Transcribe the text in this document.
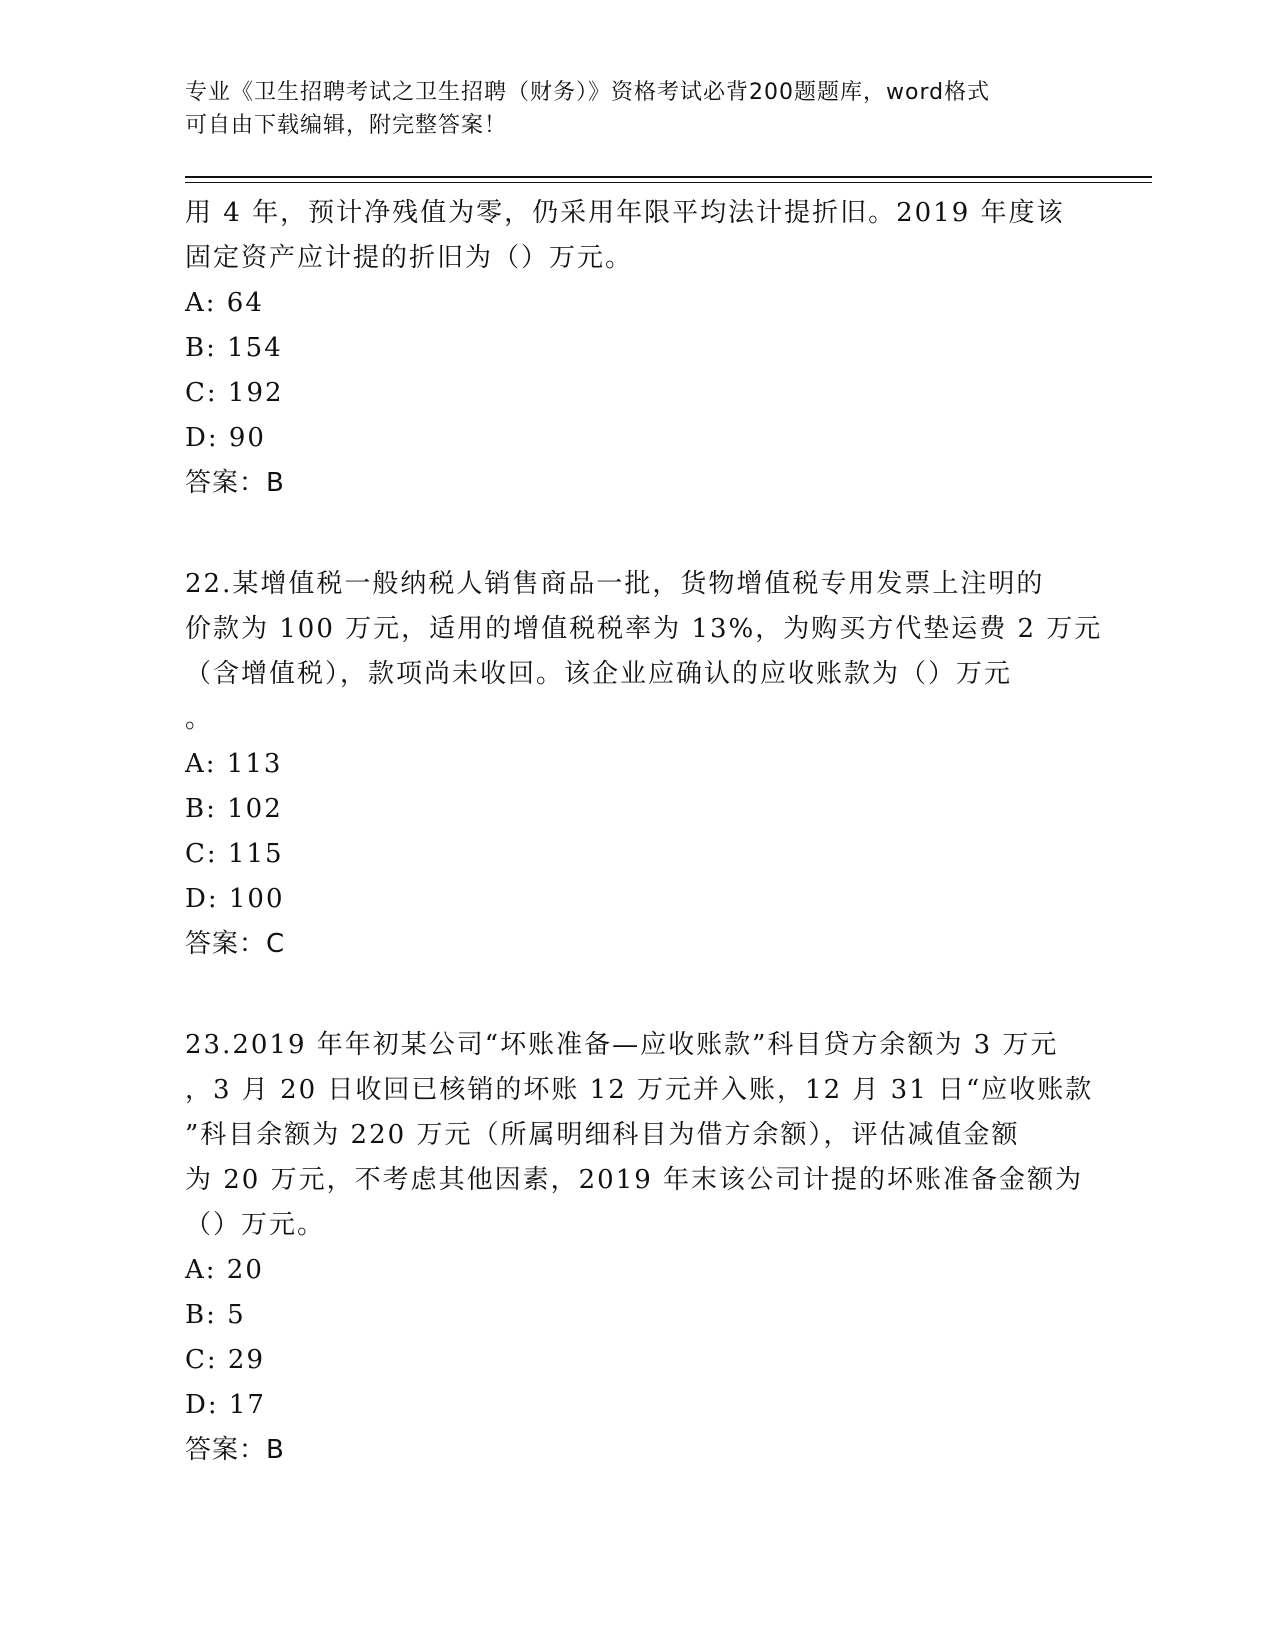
专业《卫生招聘考试之卫生招聘（财务）》资格考试必背200题题库，word格式
可自由下载编辑，附完整答案！
用 4 年，预计净残值为零，仍采用年限平均法计提折旧。2019 年度该
固定资产应计提的折旧为（）万元。
A: 64
B: 154
C: 192
D: 90
答案：B
22.某增值税一般纳税人销售商品一批，货物增值税专用发票上注明的
价款为 100 万元，适用的增值税税率为 13%，为购买方代垫运费 2 万元
（含增值税），款项尚未收回。该企业应确认的应收账款为（）万元
。
A: 113
B: 102
C: 115
D: 100
答案：C
23.2019 年年初某公司“坏账准备—应收账款”科目贷方余额为 3 万元
，3 月 20 日收回已核销的坏账 12 万元并入账，12 月 31 日“应收账款
”科目余额为 220 万元（所属明细科目为借方余额），评估减值金额
为 20 万元，不考虑其他因素，2019 年末该公司计提的坏账准备金额为
（）万元。
A: 20
B: 5
C: 29
D: 17
答案：B
